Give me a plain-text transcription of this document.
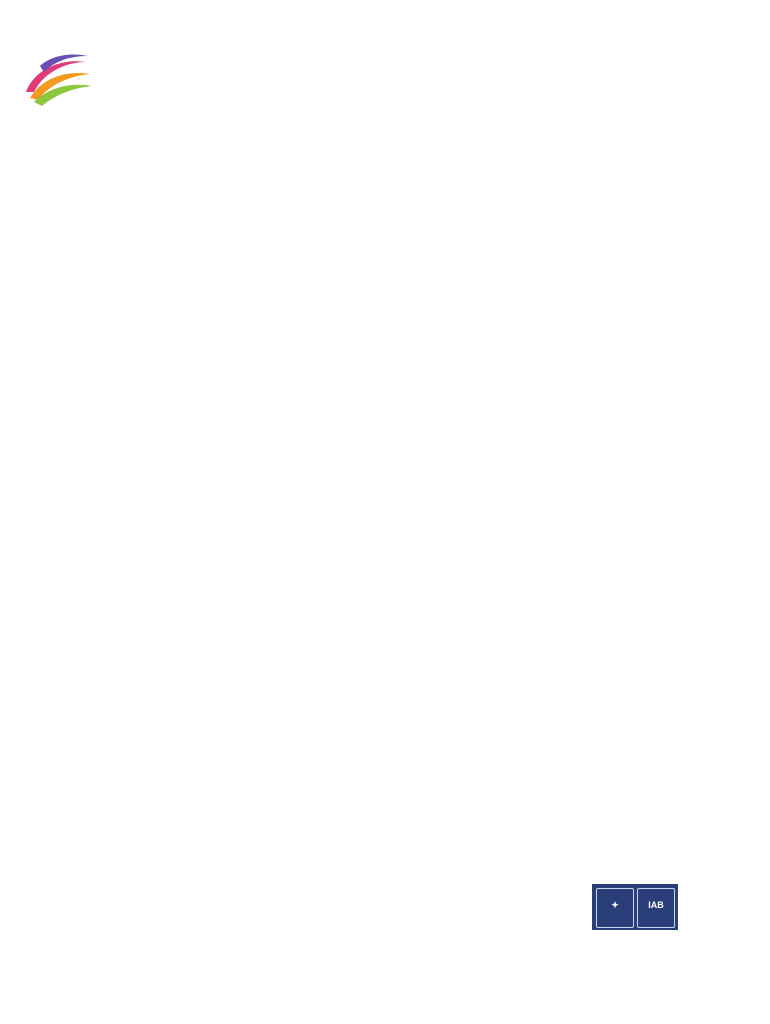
✦	IAB
